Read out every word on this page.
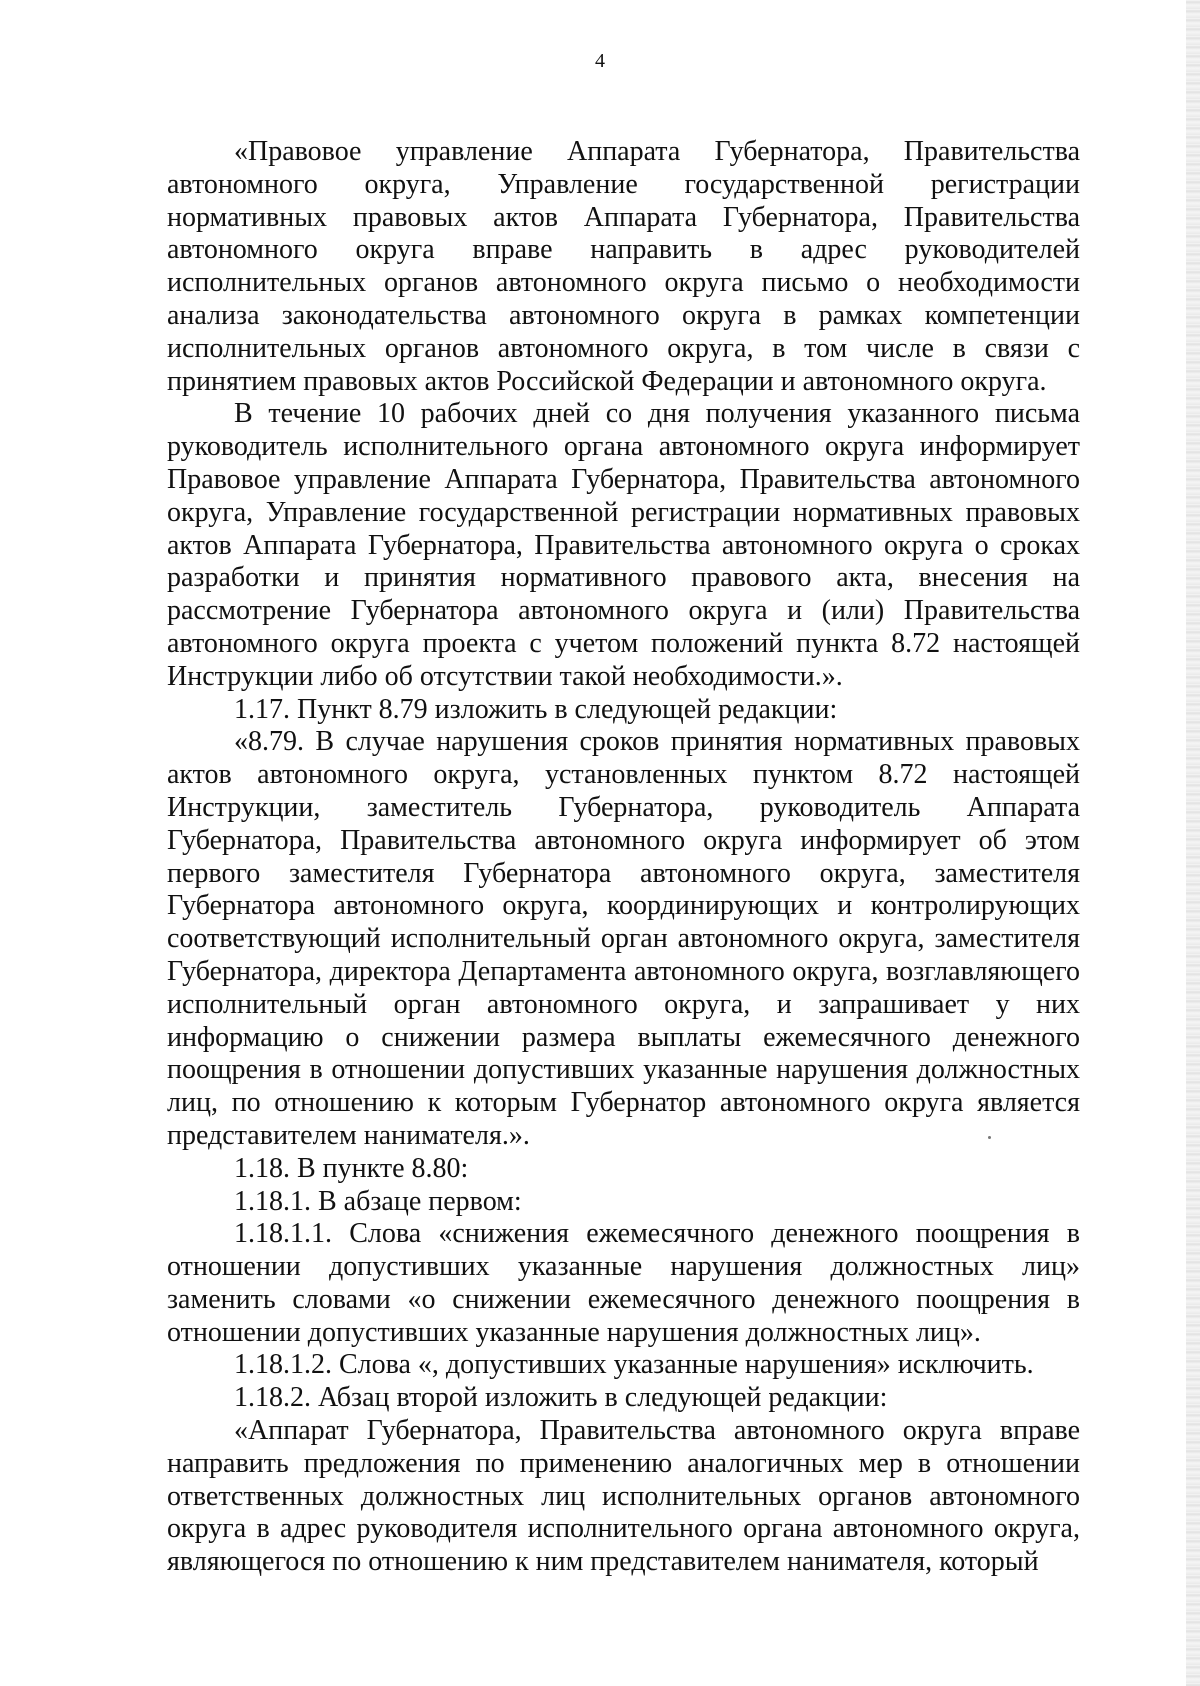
4

«Правовое управление Аппарата Губернатора, Правительства автономного округа, Управление государственной регистрации нормативных правовых актов Аппарата Губернатора, Правительства автономного округа вправе направить в адрес руководителей исполнительных органов автономного округа письмо о необходимости анализа законодательства автономного округа в рамках компетенции исполнительных органов автономного округа, в том числе в связи с принятием правовых актов Российской Федерации и автономного округа.

В течение 10 рабочих дней со дня получения указанного письма руководитель исполнительного органа автономного округа информирует Правовое управление Аппарата Губернатора, Правительства автономного округа, Управление государственной регистрации нормативных правовых актов Аппарата Губернатора, Правительства автономного округа о сроках разработки и принятия нормативного правового акта, внесения на рассмотрение Губернатора автономного округа и (или) Правительства автономного округа проекта с учетом положений пункта 8.72 настоящей Инструкции либо об отсутствии такой необходимости.».

1.17. Пункт 8.79 изложить в следующей редакции:

«8.79. В случае нарушения сроков принятия нормативных правовых актов автономного округа, установленных пунктом 8.72 настоящей Инструкции, заместитель Губернатора, руководитель Аппарата Губернатора, Правительства автономного округа информирует об этом первого заместителя Губернатора автономного округа, заместителя Губернатора автономного округа, координирующих и контролирующих соответствующий исполнительный орган автономного округа, заместителя Губернатора, директора Департамента автономного округа, возглавляющего исполнительный орган автономного округа, и запрашивает у них информацию о снижении размера выплаты ежемесячного денежного поощрения в отношении допустивших указанные нарушения должностных лиц, по отношению к которым Губернатор автономного округа является представителем нанимателя.».

1.18. В пункте 8.80:

1.18.1. В абзаце первом:

1.18.1.1. Слова «снижения ежемесячного денежного поощрения в отношении допустивших указанные нарушения должностных лиц» заменить словами «о снижении ежемесячного денежного поощрения в отношении допустивших указанные нарушения должностных лиц».

1.18.1.2. Слова «, допустивших указанные нарушения» исключить.

1.18.2. Абзац второй изложить в следующей редакции:

«Аппарат Губернатора, Правительства автономного округа вправе направить предложения по применению аналогичных мер в отношении ответственных должностных лиц исполнительных органов автономного округа в адрес руководителя исполнительного органа автономного округа, являющегося по отношению к ним представителем нанимателя, который
